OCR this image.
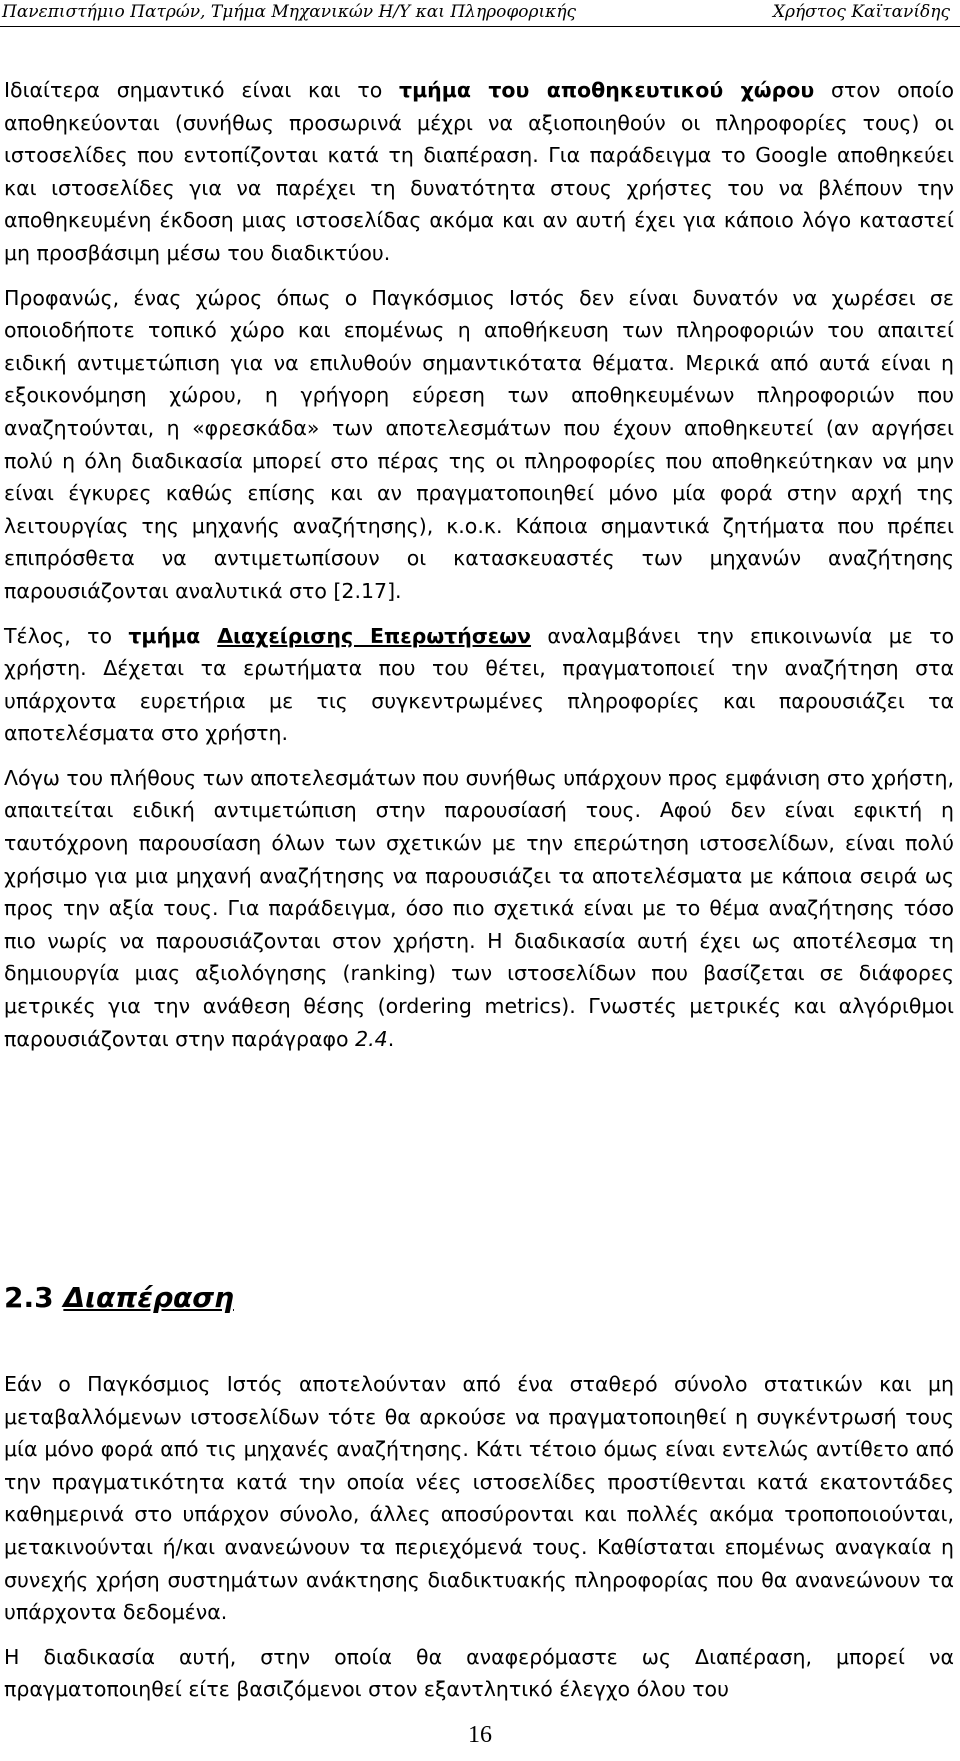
Πανεπιστήμιο Πατρών, Τμήμα Μηχανικών Η/Υ και Πληροφορικής	Χρήστος Καϊτανίδης

Ιδιαίτερα σημαντικό είναι και το τμήμα του αποθηκευτικού χώρου στον οποίο αποθηκεύονται (συνήθως προσωρινά μέχρι να αξιοποιηθούν οι πληροφορίες τους) οι ιστοσελίδες που εντοπίζονται κατά τη διαπέραση. Για παράδειγμα το Google αποθηκεύει και ιστοσελίδες για να παρέχει τη δυνατότητα στους χρήστες του να βλέπουν την αποθηκευμένη έκδοση μιας ιστοσελίδας ακόμα και αν αυτή έχει για κάποιο λόγο καταστεί μη προσβάσιμη μέσω του διαδικτύου.

Προφανώς, ένας χώρος όπως ο Παγκόσμιος Ιστός δεν είναι δυνατόν να χωρέσει σε οποιοδήποτε τοπικό χώρο και επομένως η αποθήκευση των πληροφοριών του απαιτεί ειδική αντιμετώπιση για να επιλυθούν σημαντικότατα θέματα. Μερικά από αυτά είναι η εξοικονόμηση χώρου, η γρήγορη εύρεση των αποθηκευμένων πληροφοριών που αναζητούνται, η «φρεσκάδα» των αποτελεσμάτων που έχουν αποθηκευτεί (αν αργήσει πολύ η όλη διαδικασία μπορεί στο πέρας της οι πληροφορίες που αποθηκεύτηκαν να μην είναι έγκυρες καθώς επίσης και αν πραγματοποιηθεί μόνο μία φορά στην αρχή της λειτουργίας της μηχανής αναζήτησης), κ.ο.κ. Κάποια σημαντικά ζητήματα που πρέπει επιπρόσθετα να αντιμετωπίσουν οι κατασκευαστές των μηχανών αναζήτησης παρουσιάζονται αναλυτικά στο [2.17].

Τέλος, το τμήμα Διαχείρισης Επερωτήσεων αναλαμβάνει την επικοινωνία με το χρήστη. Δέχεται τα ερωτήματα που του θέτει, πραγματοποιεί την αναζήτηση στα υπάρχοντα ευρετήρια με τις συγκεντρωμένες πληροφορίες και παρουσιάζει τα αποτελέσματα στο χρήστη.

Λόγω του πλήθους των αποτελεσμάτων που συνήθως υπάρχουν προς εμφάνιση στο χρήστη, απαιτείται ειδική αντιμετώπιση στην παρουσίασή τους. Αφού δεν είναι εφικτή η ταυτόχρονη παρουσίαση όλων των σχετικών με την επερώτηση ιστοσελίδων, είναι πολύ χρήσιμο για μια μηχανή αναζήτησης να παρουσιάζει τα αποτελέσματα με κάποια σειρά ως προς την αξία τους. Για παράδειγμα, όσο πιο σχετικά είναι με το θέμα αναζήτησης τόσο πιο νωρίς να παρουσιάζονται στον χρήστη. Η διαδικασία αυτή έχει ως αποτέλεσμα τη δημιουργία μιας αξιολόγησης (ranking) των ιστοσελίδων που βασίζεται σε διάφορες μετρικές για την ανάθεση θέσης (ordering metrics). Γνωστές μετρικές και αλγόριθμοι παρουσιάζονται στην παράγραφο 2.4.

2.3 Διαπέραση

Εάν ο Παγκόσμιος Ιστός αποτελούνταν από ένα σταθερό σύνολο στατικών και μη μεταβαλλόμενων ιστοσελίδων τότε θα αρκούσε να πραγματοποιηθεί η συγκέντρωσή τους μία μόνο φορά από τις μηχανές αναζήτησης. Κάτι τέτοιο όμως είναι εντελώς αντίθετο από την πραγματικότητα κατά την οποία νέες ιστοσελίδες προστίθενται κατά εκατοντάδες καθημερινά στο υπάρχον σύνολο, άλλες αποσύρονται και πολλές ακόμα τροποποιούνται, μετακινούνται ή/και ανανεώνουν τα περιεχόμενά τους. Καθίσταται επομένως αναγκαία η συνεχής χρήση συστημάτων ανάκτησης διαδικτυακής πληροφορίας που θα ανανεώνουν τα υπάρχοντα δεδομένα.

Η διαδικασία αυτή, στην οποία θα αναφερόμαστε ως Διαπέραση, μπορεί να πραγματοποιηθεί είτε βασιζόμενοι στον εξαντλητικό έλεγχο όλου του

16
